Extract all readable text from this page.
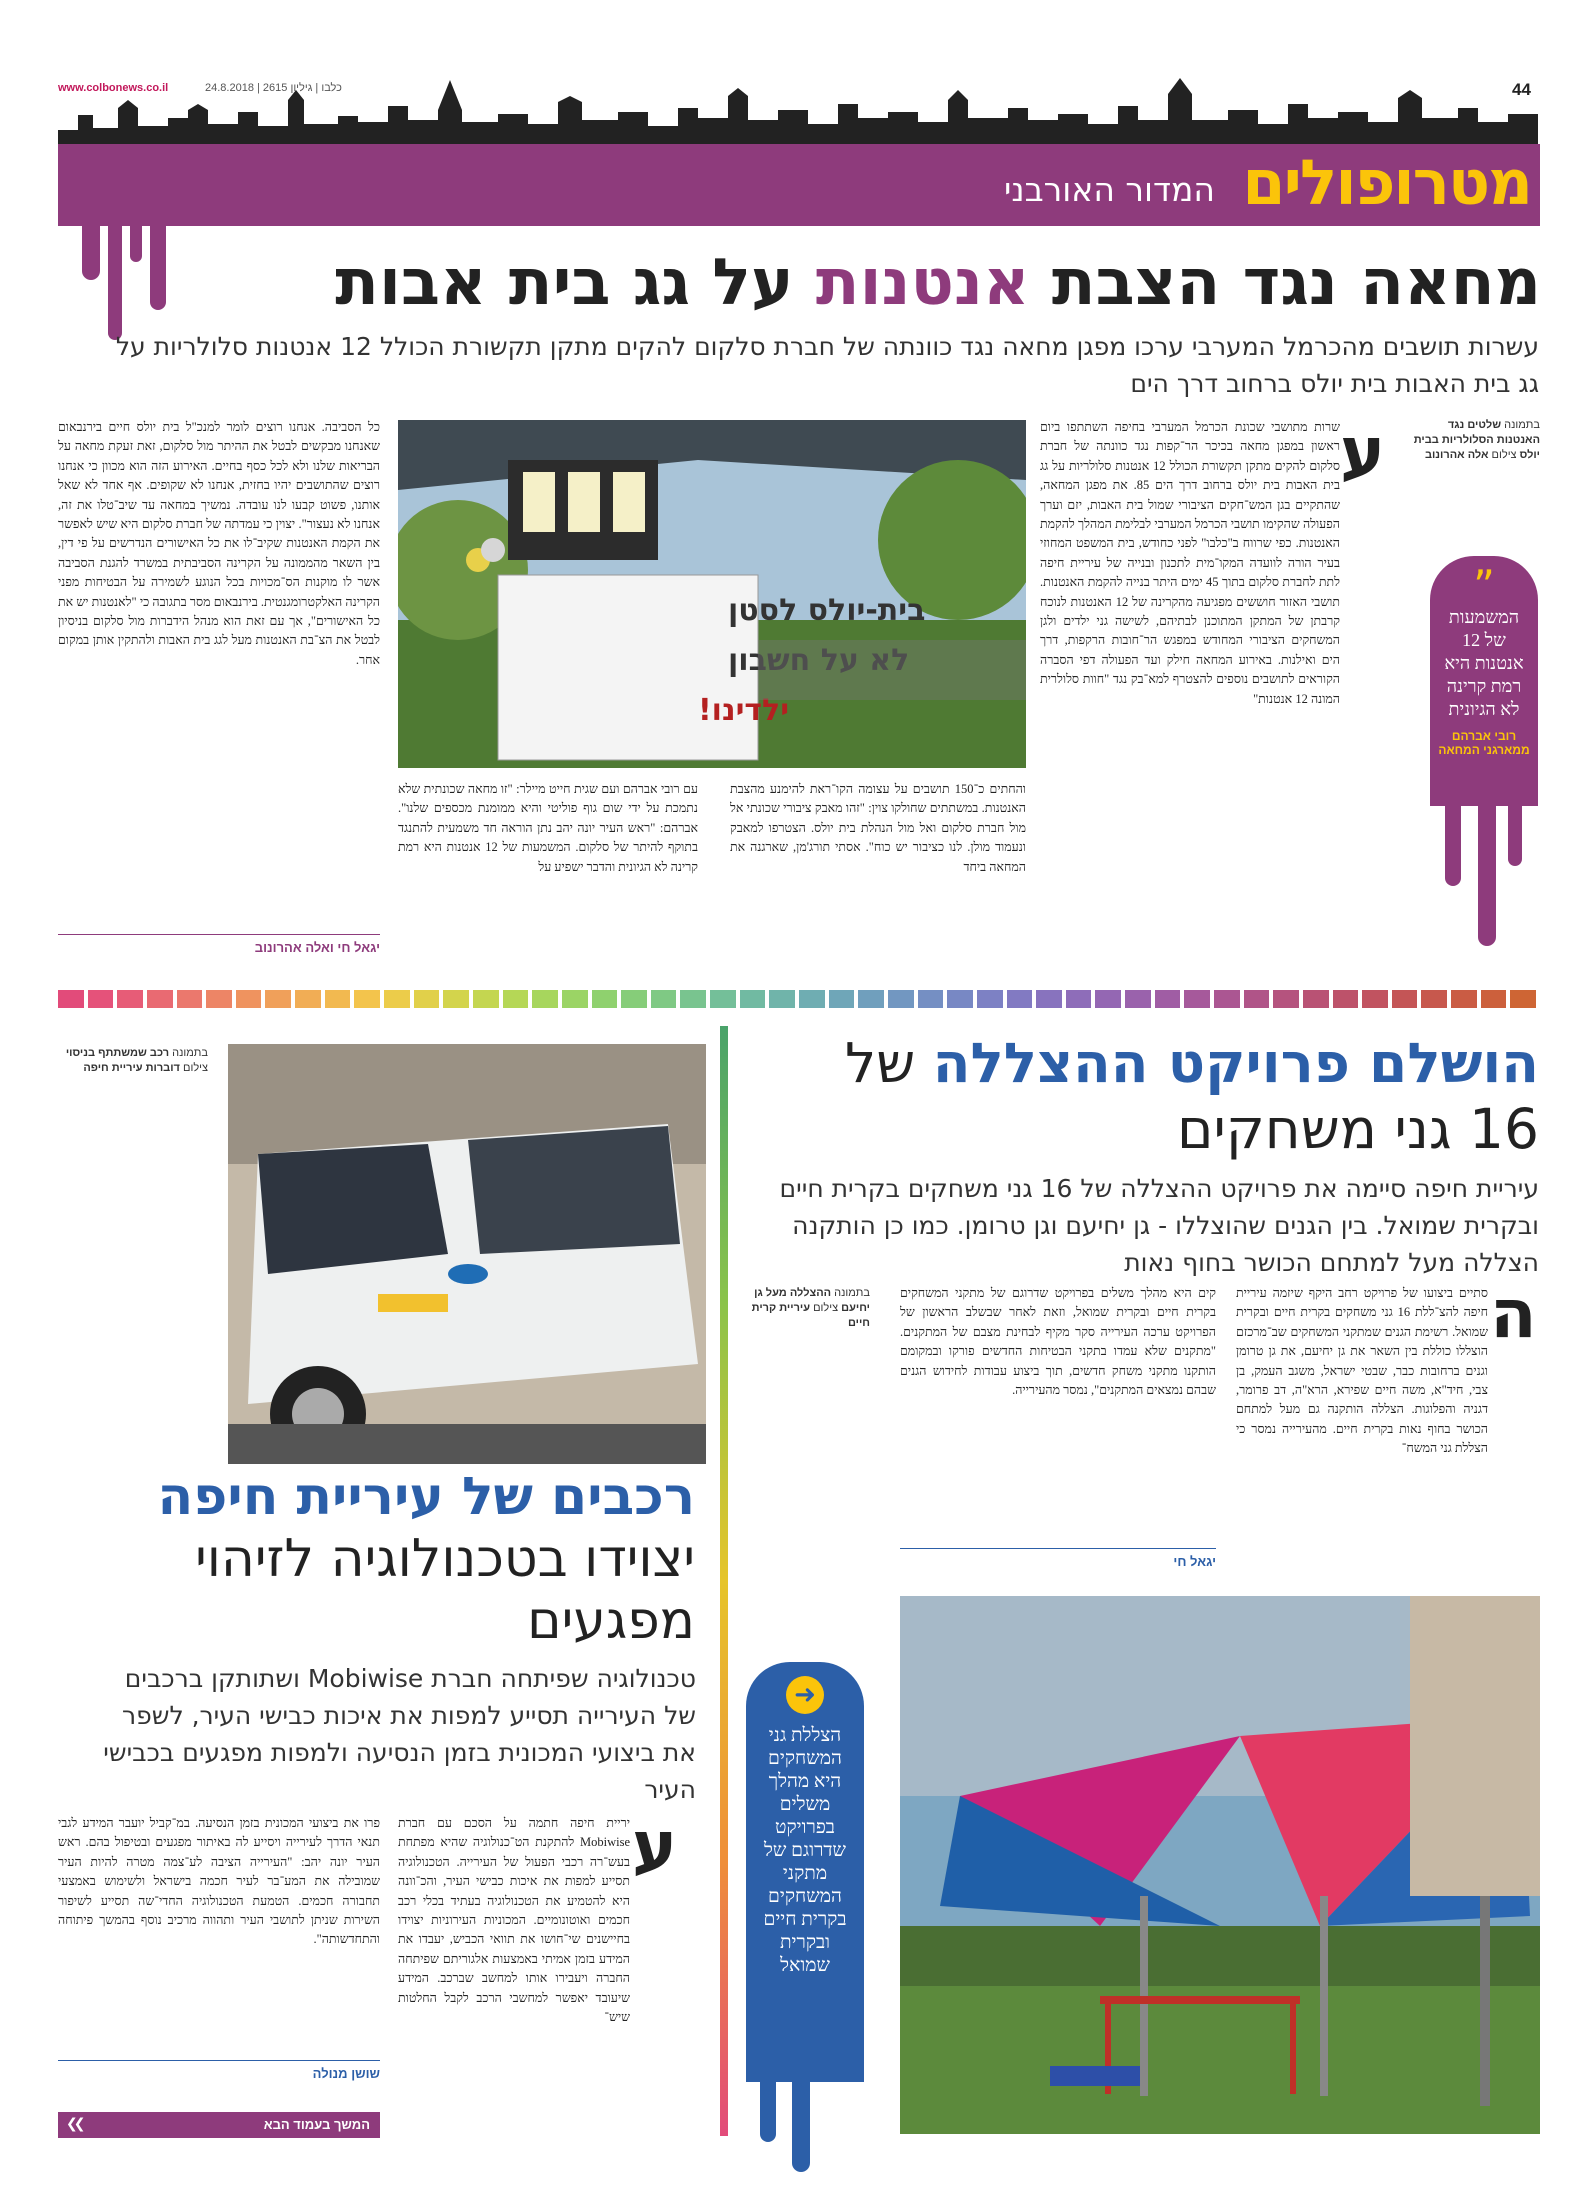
www.colbonews.co.il	כלבו | גיליון 2615 | 24.8.2018	44
מטרופולים
המדור האורבני
מחאה נגד הצבת אנטנות על גג בית אבות
עשרות תושבים מהכרמל המערבי ערכו מפגן מחאה נגד כוונתה של חברת סלקום להקים מתקן תקשורת הכולל 12 אנטנות סלולריות על גג בית האבות בית יולס ברחוב דרך הים
בתמונה שלטים נגד האנטנות הסלולריות בבית יולס צילום אלה אהרונוב
”
המשמעות של 12 אנטנות היא רמת קרינה לא הגיונית
רובי אברהם
ממארגני המחאה
ע
שרות מתושבי שכונת הכרמל המערבי בחיפה השתתפו ביום ראשון במפגן מחאה בכיכר הר־קפות נגד כוונתה של חברת סלקום להקים מתקן תקשורת הכולל 12 אנטנות סלולריות על גג בית האבות בית יולס ברחוב דרך הים 85. את מפגן המחאה, שהתקיים בגן המש־חקים הציבורי שמול בית האבות, יזם וערך הפעולה שהקימו תושבי הכרמל המערבי לבלימת המהלך להקמת האנטנות. כפי שרווח ב"כלבו" לפני כחודש, בית המשפט המחוזי בעיר הורה לוועדה המקו־מית לתכנון ובנייה של עיריית חיפה לתת לחברת סלקום בתוך 45 ימים היתר בנייה להקמת האנטנות. תושבי האזור חוששים מפגיעה מהקרינה של 12 האנטנות לנוכח קרבתן של המתקן המתוכנן לבתיהם, לשישה גני ילדים ולגן המשחקים הציבורי המחודש במפגש הר־חובות הרקפות, דרך הים ואילנות. באירוע המחאה חילק ועד הפעולה דפי הסברה הקוראים לתושבים נוספים להצטרף למא־בק נגד "חוות סלולרית המונה 12 אנטנות"
בית-יולס לסטן
לא על חשבון
ילדינו!
והחתים כ־150 תושבים על עצומה הקו־ראת להימנע מהצבת האנטנות. במשתתים שחולקו צוין: "זהו מאבק ציבורי שכונתי אל מול חברת סלקום ואל מול הנהלת בית יולס. הצטרפו למאבק ונעמוד מולן. לנו כציבור יש כוח". אסתי תורג'מן, שארגנה את המחאה ביחד
עם רובי אברהם ועם שגית חייט מיילר: "זו מחאה שכונתית שלא נתמכת על ידי שום גוף פוליטי והיא ממומנת מכספים שלנו". אברהם: "ראש העיר יונה יהב נתן הוראה חד משמעית להתנגד בתוקף להיתר של סלקום. המשמעות של 12 אנטנות היא רמת קרינה לא הגיונית והדבר ישפיע על
כל הסביבה. אנחנו רוצים לומר למנכ"ל בית יולס חיים בירנבאום שאנחנו מבקשים לבטל את ההיתר מול סלקום, זאת זעקת מחאה על הבריאות שלנו ולא לכל כסף בחיים. האירוע הזה הוא מכוון כי אנחנו רוצים שהתושבים יהיו בחזית, אנחנו לא שקופים. אף אחד לא שאל אותנו, פשוט קבעו לנו עובדה. נמשיך במחאה עד שיב־טלו את זה, אנחנו לא נעצור". יצוין כי עמדתה של חברת סלקום היא שיש לאפשר את הקמת האנטנות שקיב־לו את כל האישורים הנדרשים על פי דין, בין השאר מהממונה על הקרינה הסביבתית במשרד להגנת הסביבה אשר לו מוקנות הס־מכויות בכל הנוגע לשמירה על הבטיחות מפני הקרינה האלקטרומגנטית. בירנבאום מסר בתגובה כי "לאנטנות יש את כל האישורים", אך עם זאת הוא מנהל הידברות מול סלקום בניסיון לבטל את הצ־בת האנטנות מעל לגג בית האבות ולהתקין אותן במקום אחר.
יגאל חי ואלה אהרונוב
הושלם פרויקט ההצללה של
16 גני משחקים
עיריית חיפה סיימה את פרויקט ההצללה של 16 גני משחקים בקרית חיים ובקרית שמואל. בין הגנים שהוצללו - גן יחיעם וגן טרומן. כמו כן הותקנה הצללה מעל למתחם הכושר בחוף נאות
ה
סתיים ביצועו של פרויקט רחב היקף שיזמה עיריית חיפה להצ־ללת 16 גני משחקים בקרית חיים ובקרית שמואל. רשימת הגנים שמתקני המשחקים שב־מרכזם הוצללו כוללת בין השאר את גן יחיעם, את גן טרומן וגנים ברחובות כבר, שבטי ישראל, משגב העמק, בן צבי, חיד"א, משה חיים שפירא, הרא"ה, דב פרומר, דגניה והפלוגות. הצללה הותקנה גם מעל למתחם הכושר בחוף נאות בקרית חיים. מהעירייה נמסר כי הצללת גני המשח־
קים היא מהלך משלים בפרויקט שדרוגם של מתקני המשחקים בקרית חיים ובקרית שמואל, וזאת לאחר שבשלב הראשון של הפרויקט ערכה העירייה סקר מקיף לבחינת מצבם של המתקנים. "מתקנים שלא עמדו בתקני הבטיחות החדשים פורקו ובמקומם הותקנו מתקני משחק חדשים, תוך ביצוע עבודות לחידוש הגנים שבהם נמצאים המתקנים", נמסר מהעירייה.
יגאל חי
בתמונה ההצללה מעל גן יחיעם צילום עיריית קרית חיים
➜
הצללת גני המשחקים היא מהלך משלים בפרויקט שדרוגם של מתקני המשחקים בקרית חיים ובקרית שמואל
בתמונה רכב שמשתתף בניסוי צילום דוברות עיריית חיפה
רכבים של עיריית חיפה
יצוידו בטכנולוגיה לזיהוי
מפגעים
טכנולוגיה שפיתחה חברת Mobiwise ושתותקן ברכבים של העירייה תסייע למפות את איכות כבישי העיר, לשפר את ביצועי המכונית בזמן הנסיעה ולמפות מפגעים בכבישי העיר
ע
יריית חיפה חתמה על הסכם עם חברת Mobiwise להתקנת הט־כנולוגיה שהיא מפתחת בעש־רה רכבי הפעול של העירייה. הטכנולוגיה תסייע למפות את איכות כבישי העיר, והכ־וונה היא להטמיע את הטכנולוגיה בעתיד בכלי רכב חכמים ואוטונומיים. המכוניות העירוניות יצוידו בחיישנים שי־חושו את תוואי הכביש, יעבדו את המידע בזמן אמיתי באמצעות אלגוריתם שפיתחה החברה ויעבירו אותו למחשב שברכב. המידע שיעובד יאפשר למחשבי הרכב לקבל החלטות שיש־
פרו את ביצועי המכונית בזמן הנסיעה. במ־קביל יועבר המידע לגבי תנאי הדרך לעירייה ויסייע לה באיתור מפגעים ובטיפול בהם. ראש העיר יונה יהב: "העירייה הציבה לע־צמה מטרה להיות העיר שמובילה את המע־בר לעיר חכמה בישראל ולשימוש באמצעי תחבורה חכמים. הטמעת הטכנולוגיה החדי־שה תסייע לשיפור השירות שניתן לתושבי העיר ותהווה מרכיב נוסף בהמשך פיתוחה והתחדשותה".
שושן מנולה
❮❮	המשך בעמוד הבא
